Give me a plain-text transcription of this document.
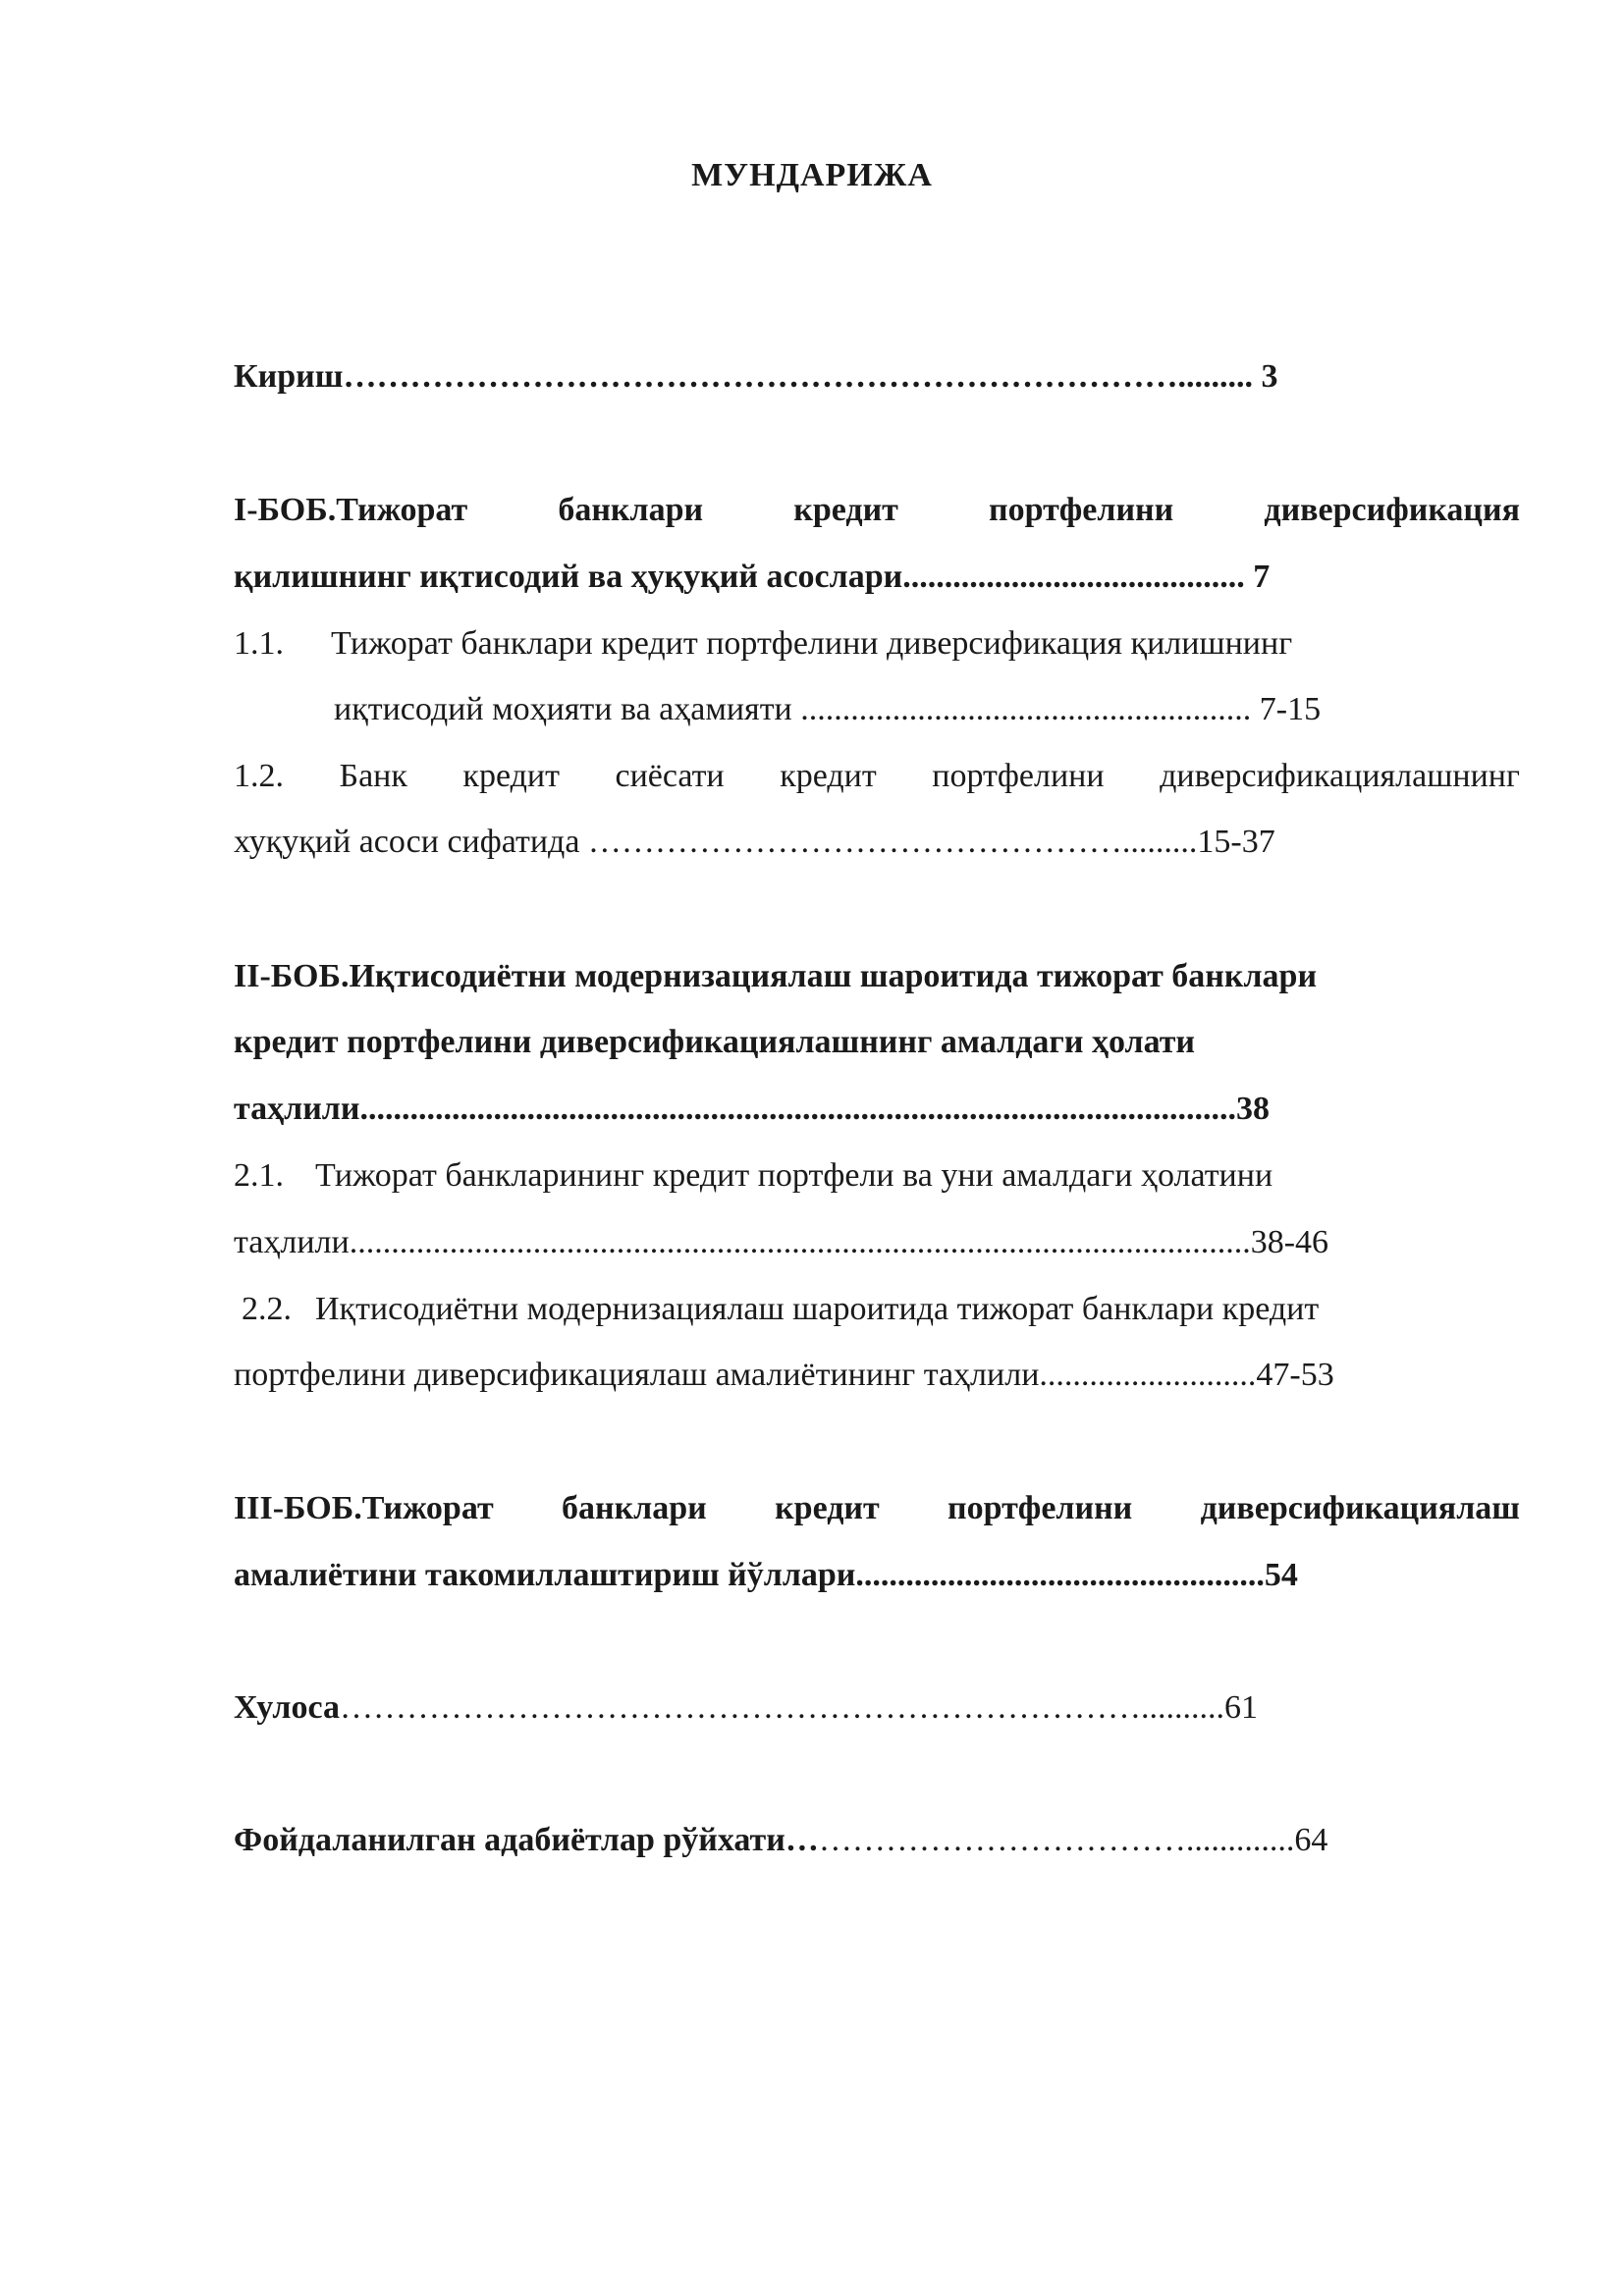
МУНДАРИЖА
Кириш…………………………………………………………………......... 3
I-БОБ.Тижорат	банклари	кредит	портфелини	диверсификация
қилишнинг иқтисодий ва ҳуқуқий асослари......................................... 7
1.1. Тижорат банклари кредит портфелини диверсификация қилишнинг
иқтисодий моҳияти ва аҳамияти ...................................................... 7-15
1.2. Банк кредит сиёсати кредит портфелини диверсификациялашнинг
хуқуқий асоси сифатида ………………………………………….........15-37
II-БОБ.Иқтисодиётни модернизациялаш шароитида тижорат банклари
кредит портфелини диверсификациялашнинг амалдаги ҳолати
таҳлили.........................................................................................................38
2.1. Тижорат банкларининг кредит портфели ва уни амалдаги ҳолатини
таҳлили............................................................................................................38-46
2.2. Иқтисодиётни модернизациялаш шароитида тижорат банклари кредит
портфелини диверсификациялаш амалиётининг таҳлили..........................47-53
III-БОБ.Тижорат банклари кредит портфелини диверсификациялаш
амалиётини такомиллаштириш йўллари.................................................54
Хулоса………………………………………………………………..........61
Фойдаланилган адабиётлар рўйхати……………………………….............64
